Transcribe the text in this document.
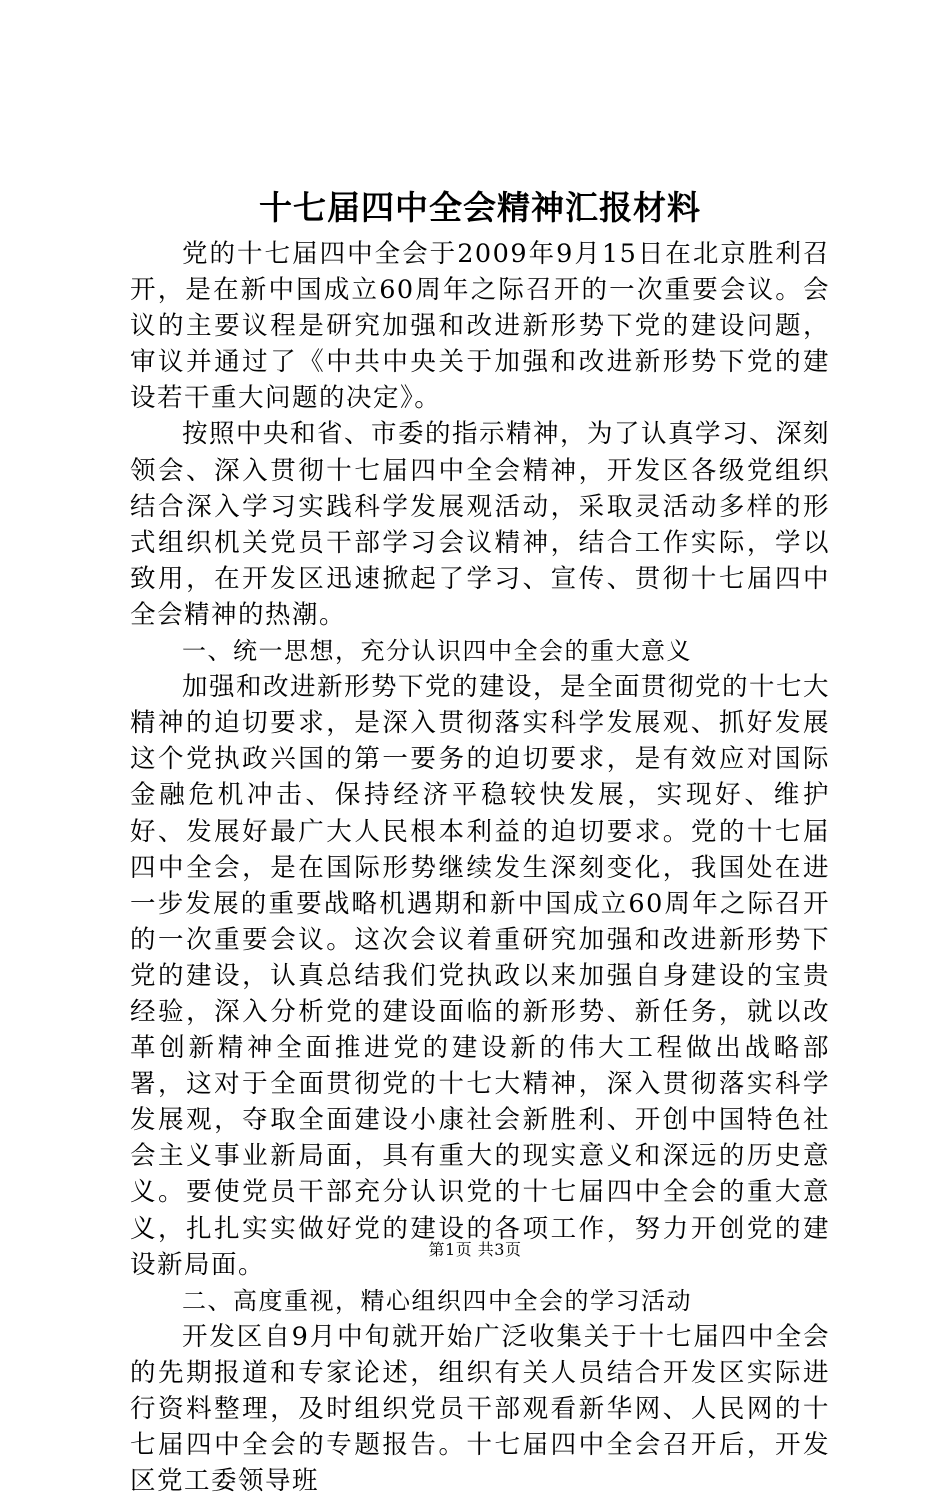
十七届四中全会精神汇报材料

党的十七届四中全会于2009年9月15日在北京胜利召开，是在新中国成立60周年之际召开的一次重要会议。会议的主要议程是研究加强和改进新形势下党的建设问题，审议并通过了《中共中央关于加强和改进新形势下党的建设若干重大问题的决定》。

按照中央和省、市委的指示精神，为了认真学习、深刻领会、深入贯彻十七届四中全会精神，开发区各级党组织结合深入学习实践科学发展观活动，采取灵活动多样的形式组织机关党员干部学习会议精神，结合工作实际，学以致用，在开发区迅速掀起了学习、宣传、贯彻十七届四中全会精神的热潮。

一、统一思想，充分认识四中全会的重大意义

加强和改进新形势下党的建设，是全面贯彻党的十七大精神的迫切要求，是深入贯彻落实科学发展观、抓好发展这个党执政兴国的第一要务的迫切要求，是有效应对国际金融危机冲击、保持经济平稳较快发展，实现好、维护好、发展好最广大人民根本利益的迫切要求。党的十七届四中全会，是在国际形势继续发生深刻变化，我国处在进一步发展的重要战略机遇期和新中国成立60周年之际召开的一次重要会议。这次会议着重研究加强和改进新形势下党的建设，认真总结我们党执政以来加强自身建设的宝贵经验，深入分析党的建设面临的新形势、新任务，就以改革创新精神全面推进党的建设新的伟大工程做出战略部署，这对于全面贯彻党的十七大精神，深入贯彻落实科学发展观，夺取全面建设小康社会新胜利、开创中国特色社会主义事业新局面，具有重大的现实意义和深远的历史意义。要使党员干部充分认识党的十七届四中全会的重大意义，扎扎实实做好党的建设的各项工作，努力开创党的建设新局面。

二、高度重视，精心组织四中全会的学习活动

开发区自9月中旬就开始广泛收集关于十七届四中全会的先期报道和专家论述，组织有关人员结合开发区实际进行资料整理，及时组织党员干部观看新华网、人民网的十七届四中全会的专题报告。十七届四中全会召开后，开发区党工委领导班

第1页 共3页
